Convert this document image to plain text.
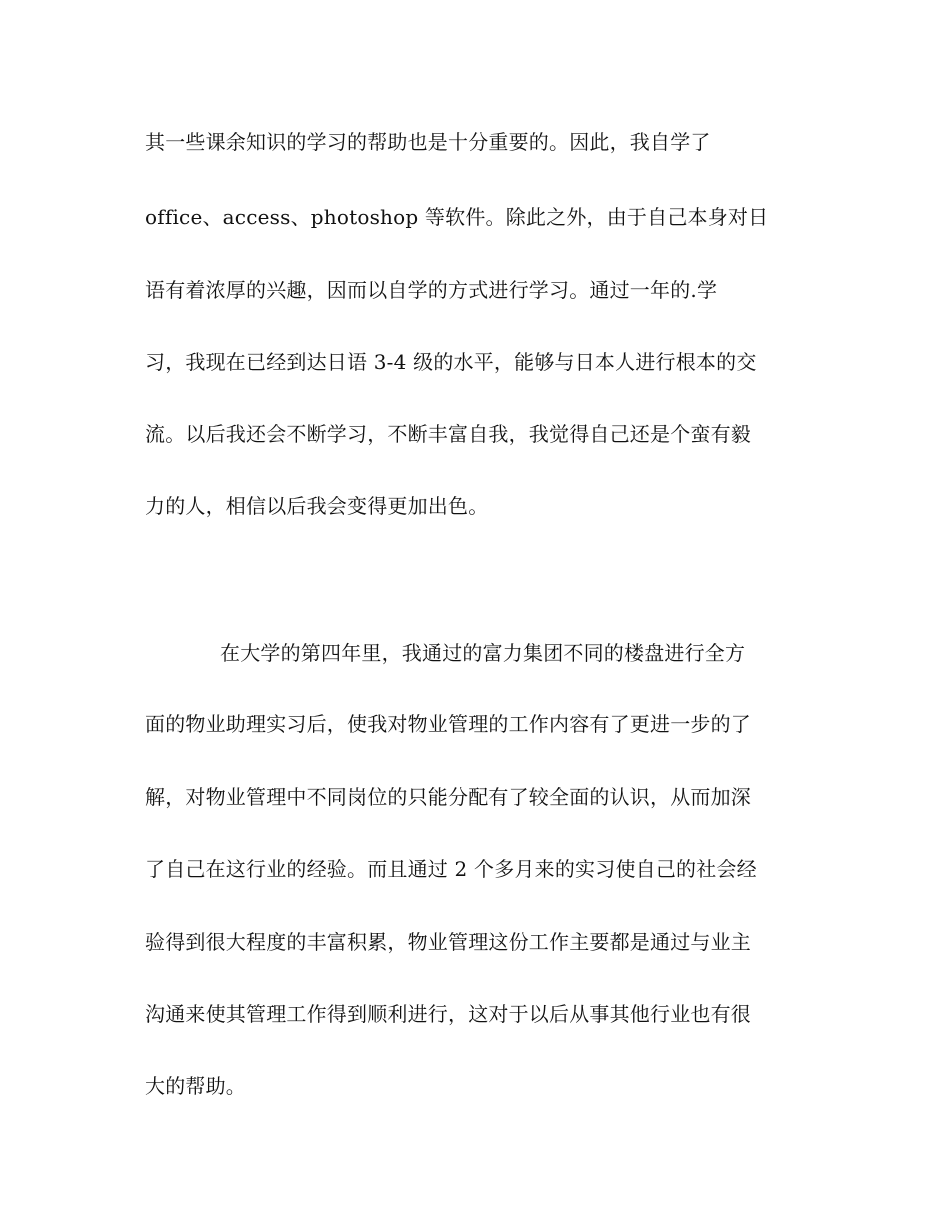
其一些课余知识的学习的帮助也是十分重要的。因此，我自学了
office、access、photoshop 等软件。除此之外，由于自己本身对日
语有着浓厚的兴趣，因而以自学的方式进行学习。通过一年的.学
习，我现在已经到达日语 3-4 级的水平，能够与日本人进行根本的交
流。以后我还会不断学习，不断丰富自我，我觉得自己还是个蛮有毅
力的人，相信以后我会变得更加出色。
在大学的第四年里，我通过的富力集团不同的楼盘进行全方
面的物业助理实习后，使我对物业管理的工作内容有了更进一步的了
解，对物业管理中不同岗位的只能分配有了较全面的认识，从而加深
了自己在这行业的经验。而且通过 2 个多月来的实习使自己的社会经
验得到很大程度的丰富积累，物业管理这份工作主要都是通过与业主
沟通来使其管理工作得到顺利进行，这对于以后从事其他行业也有很
大的帮助。
